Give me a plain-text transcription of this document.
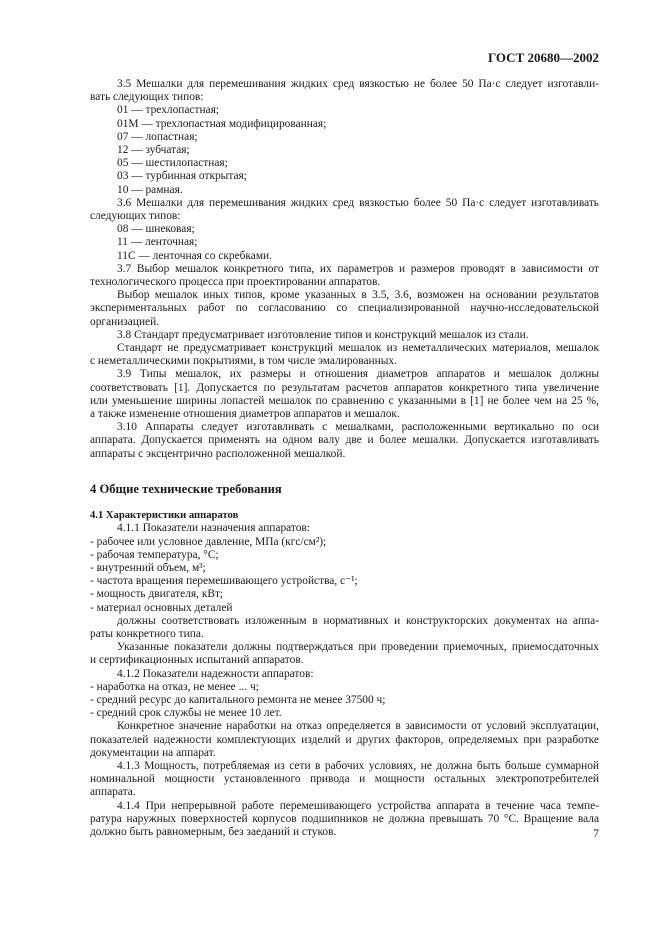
ГОСТ 20680—2002

3.5 Мешалки для перемешивания жидких сред вязкостью не более 50 Па·с следует изготавли-

вать следующих типов:

01 — трехлопастная;

01М — трехлопастная модифицированная;

07 — лопастная;

12 — зубчатая;

05 — шестилопастная;

03 — турбинная открытая;

10 — рамная.

3.6 Мешалки для перемешивания жидких сред вязкостью более 50 Па·с следует изготавливать

следующих типов:

08 — шнековая;

11 — ленточная;

11С — ленточная со скребками.

3.7 Выбор мешалок конкретного типа, их параметров и размеров проводят в зависимости от

технологического процесса при проектировании аппаратов.

Выбор мешалок иных типов, кроме указанных в 3.5, 3.6, возможен на основании результатов

экспериментальных работ по согласованию со специализированной научно-исследовательской

организацией.

3.8 Стандарт предусматривает изготовление типов и конструкций мешалок из стали.

Стандарт не предусматривает конструкций мешалок из неметаллических материалов, мешалок

с неметаллическими покрытиями, в том числе эмалированных.

3.9 Типы мешалок, их размеры и отношения диаметров аппаратов и мешалок должны

соответствовать [1]. Допускается по результатам расчетов аппаратов конкретного типа увеличение

или уменьшение ширины лопастей мешалок по сравнению с указанными в [1] не более чем на 25 %,

а также изменение отношения диаметров аппаратов и мешалок.

3.10 Аппараты следует изготавливать с мешалками, расположенными вертикально по оси

аппарата. Допускается применять на одном валу две и более мешалки. Допускается изготавливать

аппараты с эксцентрично расположенной мешалкой.

4 Общие технические требования

4.1 Характеристики аппаратов

4.1.1 Показатели назначения аппаратов:

- рабочее или условное давление, МПа (кгс/см²);

- рабочая температура, °С;

- внутренний объем, м³;

- частота вращения перемешивающего устройства, с⁻¹;

- мощность двигателя, кВт;

- материал основных деталей

должны соответствовать изложенным в нормативных и конструкторских документах на аппа-

раты конкретного типа.

Указанные показатели должны подтверждаться при проведении приемочных, приемосдаточных

и сертификационных испытаний аппаратов.

4.1.2 Показатели надежности аппаратов:

- наработка на отказ, не менее ... ч;

- средний ресурс до капитального ремонта не менее 37500 ч;

- средний срок службы не менее 10 лет.

Конкретное значение наработки на отказ определяется в зависимости от условий эксплуатации,

показателей надежности комплектующих изделий и других факторов, определяемых при разработке

документации на аппарат.

4.1.3 Мощность, потребляемая из сети в рабочих условиях, не должна быть больше суммарной

номинальной мощности установленного привода и мощности остальных электропотребителей

аппарата.

4.1.4 При непрерывной работе перемешивающего устройства аппарата в течение часа темпе-

ратура наружных поверхностей корпусов подшипников не должна превышать 70 °С. Вращение вала

должно быть равномерным, без заеданий и стуков.	7
